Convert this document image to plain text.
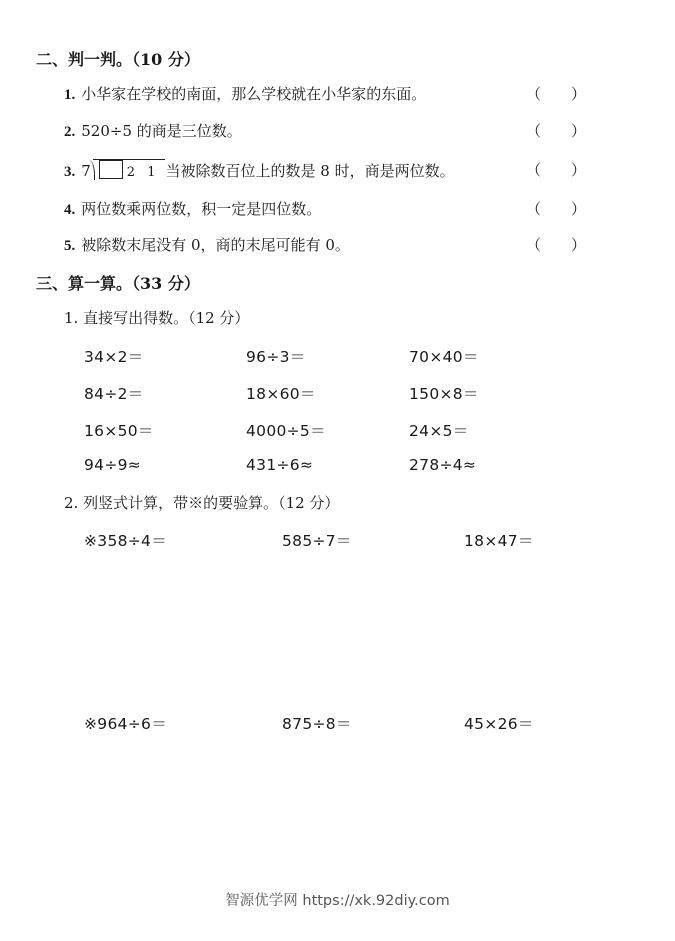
二、判一判。（10 分）
1. 小华家在学校的南面，那么学校就在小华家的东面。	（　　）
2. 520÷5 的商是三位数。	（　　）
3. 7	2 1 当被除数百位上的数是 8 时，商是两位数。	（　　）
4. 两位数乘两位数，积一定是四位数。	（　　）
5. 被除数末尾没有 0，商的末尾可能有 0。	（　　）
三、算一算。（33 分）
1. 直接写出得数。（12 分）
34×2＝	96÷3＝	70×40＝
84÷2＝	18×60＝	150×8＝
16×50＝	4000÷5＝	24×5＝
94÷9≈	431÷6≈	278÷4≈
2. 列竖式计算，带※的要验算。（12 分）
※358÷4＝	585÷7＝	18×47＝
※964÷6＝	875÷8＝	45×26＝
智源优学网 https://xk.92diy.com
